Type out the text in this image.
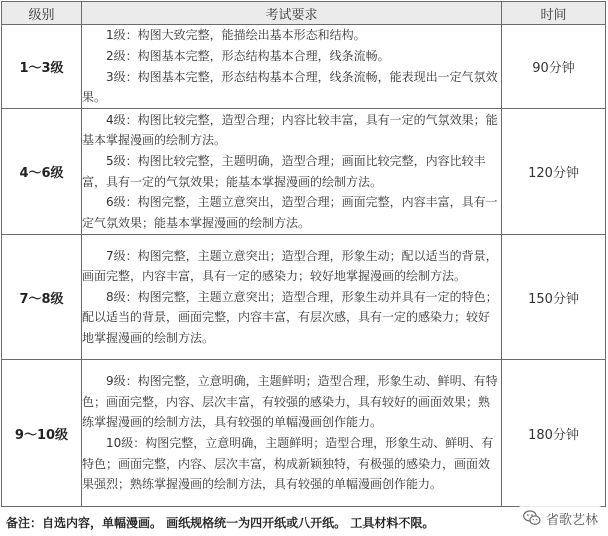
级别	考试要求	时间
1～3级	1级：构图大致完整，能描绘出基本形态和结构。

2级：构图基本完整，形态结构基本合理，线条流畅。

3级：构图基本完整，形态结构基本合理，线条流畅，能表现出一定气氛效果。	90分钟
4～6级	4级：构图比较完整，造型合理；内容比较丰富，具有一定的气氛效果；能基本掌握漫画的绘制方法。

5级：构图比较完整，主题明确，造型合理；画面比较完整，内容比较丰富，具有一定的气氛效果；能基本掌握漫画的绘制方法。

6级：构图完整，主题立意突出，造型合理；画面完整，内容丰富，具有一定气氛效果；能基本掌握漫画的绘制方法。	120分钟
7～8级	7级：构图完整，主题立意突出；造型合理，形象生动；配以适当的背景，画面完整，内容丰富，具有一定的感染力；较好地掌握漫画的绘制方法。

8级：构图完整，主题立意突出；造型合理，形象生动并具有一定的特色；配以适当的背景，画面完整，内容丰富，有层次感，具有一定的感染力；较好地掌握漫画的绘制方法。	150分钟
9～10级	9级：构图完整，立意明确，主题鲜明；造型合理，形象生动、鲜明、有特色；画面完整，内容、层次丰富，有较强的感染力，具有较好的画面效果；熟练掌握漫画的绘制方法，具有较强的单幅漫画创作能力。

10级：构图完整，立意明确，主题鲜明；造型合理，形象生动、鲜明、有特色；画面完整，内容、层次丰富，构成新颖独特，有极强的感染力，画面效果强烈；熟练掌握漫画的绘制方法，具有较强的单幅漫画创作能力。	180分钟
备注：自选内容，单幅漫画。 画纸规格统一为四开纸或八开纸。 工具材料不限。	省歌艺林
